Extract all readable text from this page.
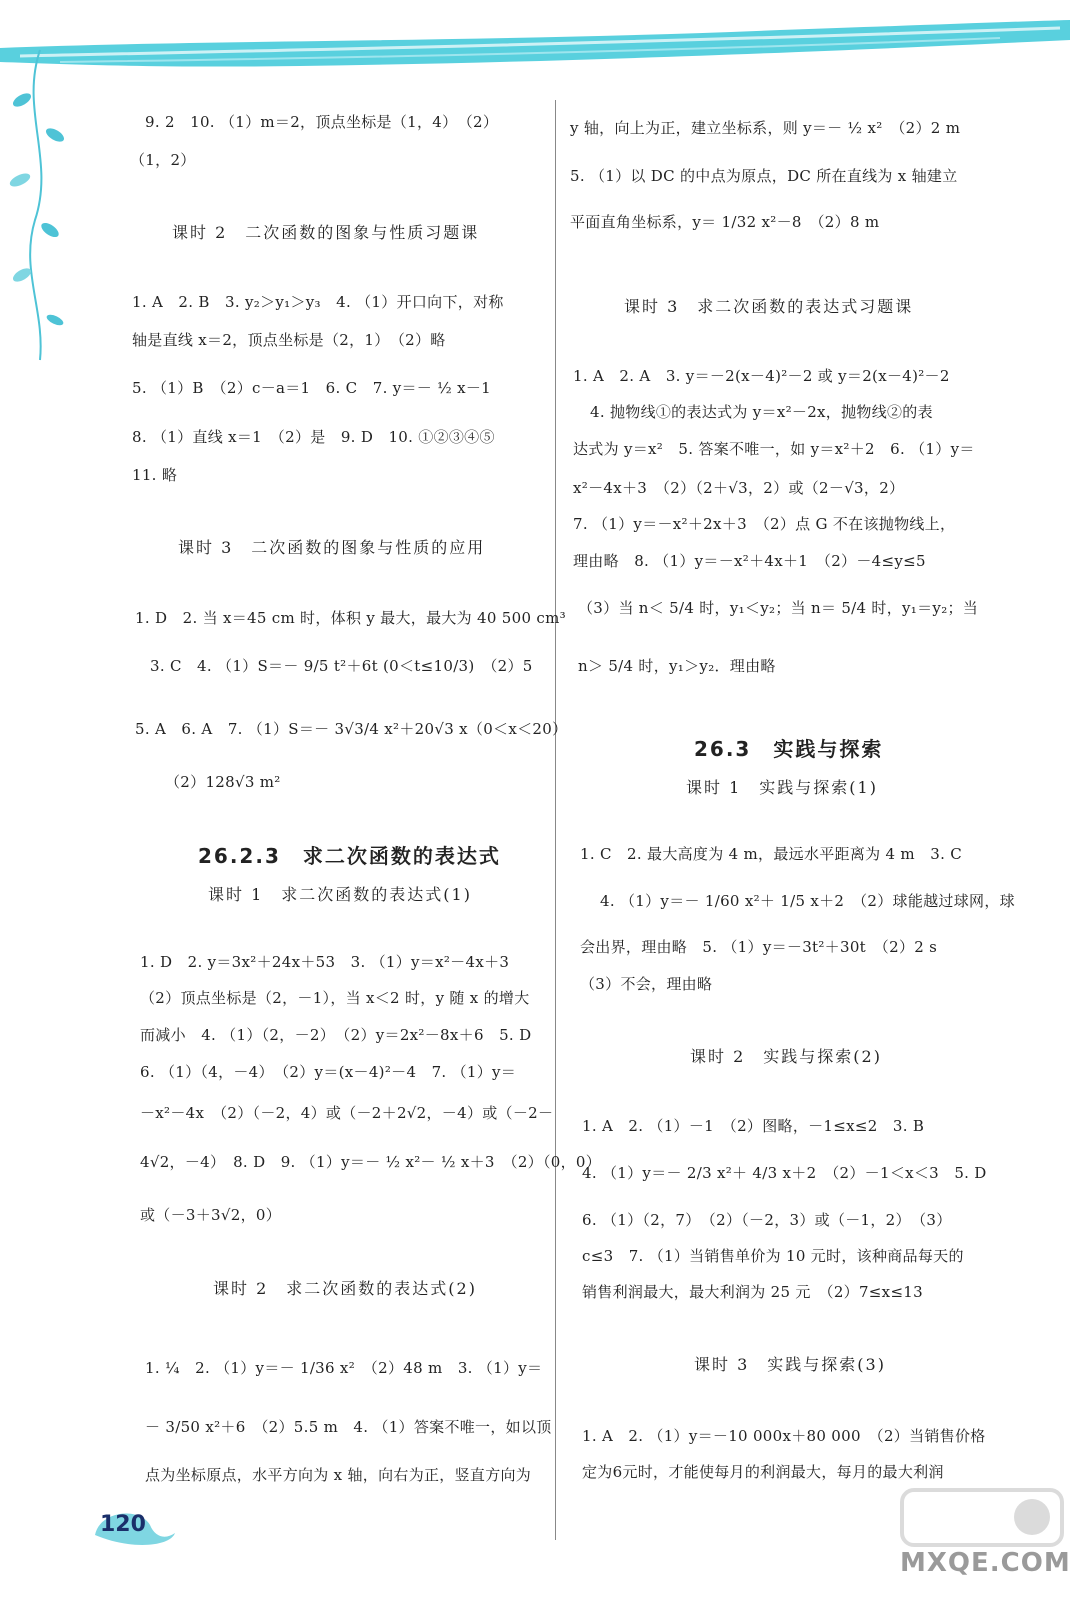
9. 2　10. （1）m＝2，顶点坐标是（1，4）　（2）
（1，2）
课时 2　二次函数的图象与性质习题课
1. A　2. B　3. y₂＞y₁＞y₃　4. （1）开口向下，对称
轴是直线 x＝2，顶点坐标是（2，1）　（2）略
5. （1）B　（2）c－a＝1　6. C　7. y＝－ ½ x－1
8. （1）直线 x＝1　（2）是　9. D　10. ①②③④⑤
11. 略
课时 3　二次函数的图象与性质的应用
1. D　2. 当 x＝45 cm 时，体积 y 最大，最大为 40 500 cm³
3. C　4. （1）S＝－ 9/5 t²＋6t (0＜t≤10/3)　（2）5
5. A　6. A　7. （1）S＝－ 3√3/4 x²＋20√3 x（0＜x＜20）
（2）128√3 m²
26.2.3　求二次函数的表达式
课时 1　求二次函数的表达式(1)
1. D　2. y＝3x²＋24x＋53　3. （1）y＝x²－4x＋3
（2）顶点坐标是（2，－1），当 x＜2 时，y 随 x 的增大
而减小　4. （1）（2，－2）　（2）y＝2x²－8x＋6　5. D
6. （1）（4，－4）　（2）y＝(x－4)²－4　7. （1）y＝
－x²－4x　（2）（－2，4）或（－2＋2√2，－4）或（－2－
4√2，－4）　8. D　9. （1）y＝－ ½ x²－ ½ x＋3　（2）（0，0）
或（－3＋3√2，0）
课时 2　求二次函数的表达式(2)
1. ¼　2. （1）y＝－ 1/36 x²　（2）48 m　3. （1）y＝
－ 3/50 x²＋6　（2）5.5 m　4. （1）答案不唯一，如以顶
点为坐标原点，水平方向为 x 轴，向右为正，竖直方向为
y 轴，向上为正，建立坐标系，则 y＝－ ½ x²　（2）2 m
5. （1）以 DC 的中点为原点，DC 所在直线为 x 轴建立
平面直角坐标系，y＝ 1/32 x²－8　（2）8 m
课时 3　求二次函数的表达式习题课
1. A　2. A　3. y＝－2(x－4)²－2 或 y＝2(x－4)²－2
4. 抛物线①的表达式为 y＝x²－2x，抛物线②的表
达式为 y＝x²　5. 答案不唯一，如 y＝x²＋2　6. （1）y＝
x²－4x＋3　（2）（2＋√3，2）或（2－√3，2）
7. （1）y＝－x²＋2x＋3　（2）点 G 不在该抛物线上，
理由略　8. （1）y＝－x²＋4x＋1　（2）－4≤y≤5
（3）当 n＜ 5/4 时，y₁＜y₂；当 n＝ 5/4 时，y₁＝y₂；当
n＞ 5/4 时，y₁＞y₂．理由略
26.3　实践与探索
课时 1　实践与探索(1)
1. C　2. 最大高度为 4 m，最远水平距离为 4 m　3. C
4. （1）y＝－ 1/60 x²＋ 1/5 x＋2　（2）球能越过球网，球
会出界，理由略　5. （1）y＝－3t²＋30t　（2）2 s
（3）不会，理由略
课时 2　实践与探索(2)
1. A　2. （1）－1　（2）图略，－1≤x≤2　3. B
4. （1）y＝－ 2/3 x²＋ 4/3 x＋2　（2）－1＜x＜3　5. D
6. （1）（2，7）　（2）（－2，3）或（－1，2）　（3）
c≤3　7. （1）当销售单价为 10 元时，该种商品每天的
销售利润最大，最大利润为 25 元　（2）7≤x≤13
课时 3　实践与探索(3)
1. A　2. （1）y＝－10 000x＋80 000　（2）当销售价格
定为6元时，才能使每月的利润最大，每月的最大利润
120
MXQE.COM
